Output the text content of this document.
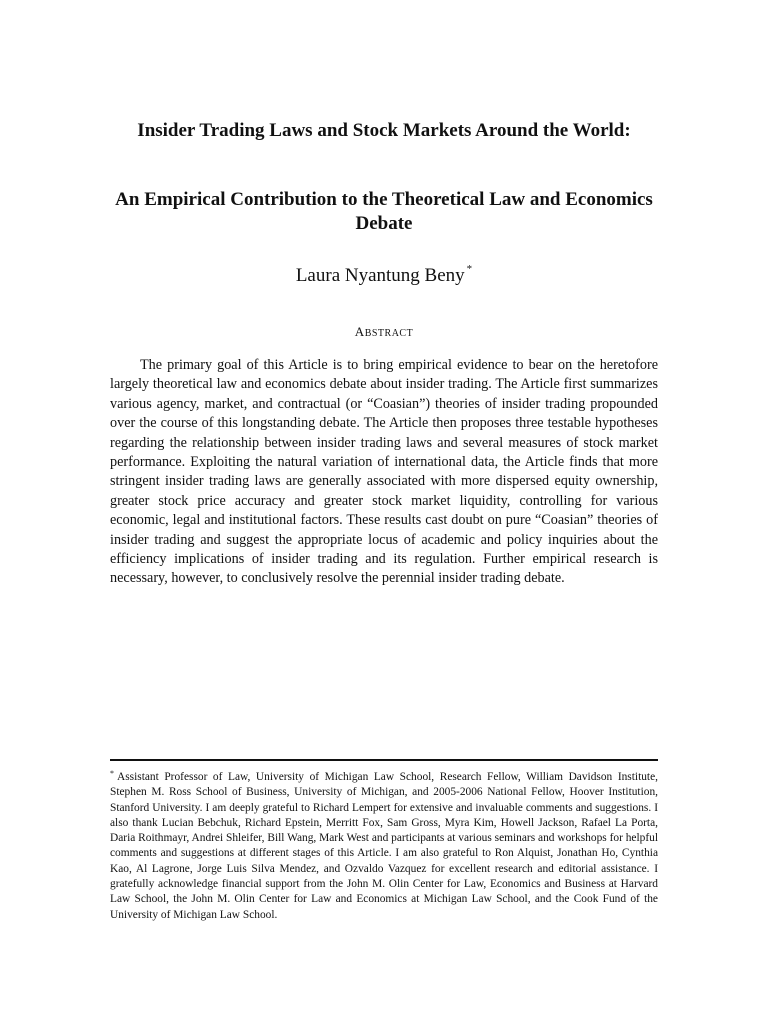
Insider Trading Laws and Stock Markets Around the World:
An Empirical Contribution to the Theoretical Law and Economics Debate
Laura Nyantung Beny *
ABSTRACT
The primary goal of this Article is to bring empirical evidence to bear on the heretofore largely theoretical law and economics debate about insider trading. The Article first summarizes various agency, market, and contractual (or “Coasian”) theories of insider trading propounded over the course of this longstanding debate. The Article then proposes three testable hypotheses regarding the relationship between insider trading laws and several measures of stock market performance. Exploiting the natural variation of international data, the Article finds that more stringent insider trading laws are generally associated with more dispersed equity ownership, greater stock price accuracy and greater stock market liquidity, controlling for various economic, legal and institutional factors. These results cast doubt on pure “Coasian” theories of insider trading and suggest the appropriate locus of academic and policy inquiries about the efficiency implications of insider trading and its regulation. Further empirical research is necessary, however, to conclusively resolve the perennial insider trading debate.
* Assistant Professor of Law, University of Michigan Law School, Research Fellow, William Davidson Institute, Stephen M. Ross School of Business, University of Michigan, and 2005-2006 National Fellow, Hoover Institution, Stanford University. I am deeply grateful to Richard Lempert for extensive and invaluable comments and suggestions. I also thank Lucian Bebchuk, Richard Epstein, Merritt Fox, Sam Gross, Myra Kim, Howell Jackson, Rafael La Porta, Daria Roithmayr, Andrei Shleifer, Bill Wang, Mark West and participants at various seminars and workshops for helpful comments and suggestions at different stages of this Article. I am also grateful to Ron Alquist, Jonathan Ho, Cynthia Kao, Al Lagrone, Jorge Luis Silva Mendez, and Ozvaldo Vazquez for excellent research and editorial assistance. I gratefully acknowledge financial support from the John M. Olin Center for Law, Economics and Business at Harvard Law School, the John M. Olin Center for Law and Economics at Michigan Law School, and the Cook Fund of the University of Michigan Law School.
